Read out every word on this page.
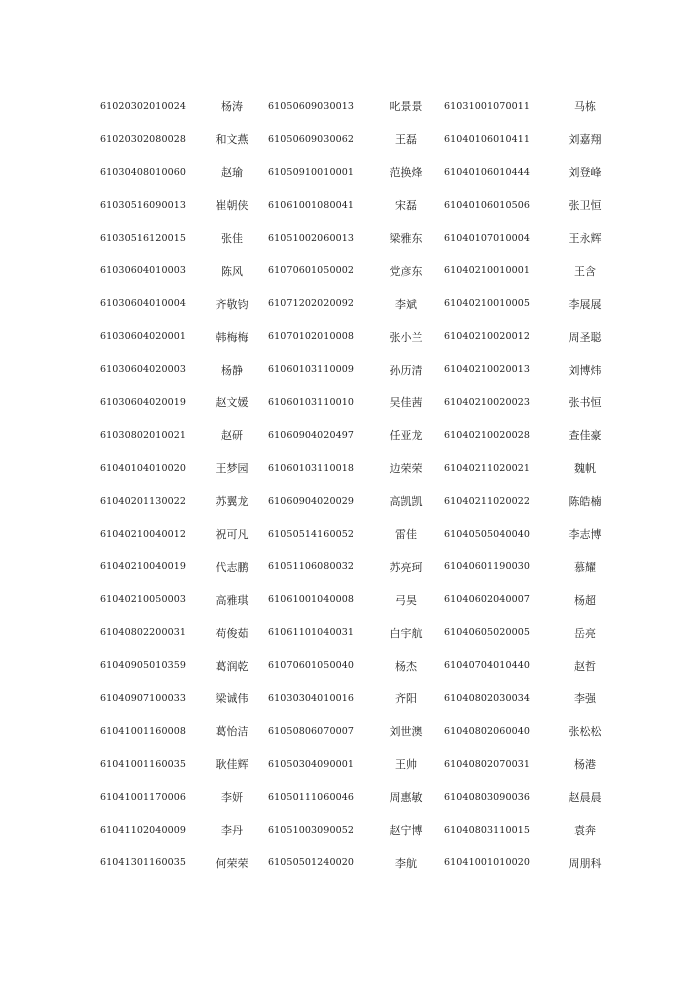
61020302010024	杨涛	61050609030013	叱景景	61031001070011	马栋
61020302080028	和文燕	61050609030062	王磊	61040106010411	刘嘉翔
61030408010060	赵瑜	61050910010001	范换烽	61040106010444	刘登峰
61030516090013	崔朝侠	61061001080041	宋磊	61040106010506	张卫恒
61030516120015	张佳	61051002060013	梁雅东	61040107010004	王永辉
61030604010003	陈风	61070601050002	党彦东	61040210010001	王含
61030604010004	齐敬钧	61071202020092	李斌	61040210010005	李展展
61030604020001	韩梅梅	61070102010008	张小兰	61040210020012	周圣聪
61030604020003	杨静	61060103110009	孙历清	61040210020013	刘博炜
61030604020019	赵文媛	61060103110010	吴佳茜	61040210020023	张书恒
61030802010021	赵研	61060904020497	任亚龙	61040210020028	查佳豪
61040104010020	王梦园	61060103110018	边荣荣	61040211020021	魏帆
61040201130022	苏翼龙	61060904020029	高凯凯	61040211020022	陈皓楠
61040210040012	祝可凡	61050514160052	雷佳	61040505040040	李志博
61040210040019	代志鹏	61051106080032	苏亮珂	61040601190030	慕耀
61040210050003	高雅琪	61061001040008	弓昊	61040602040007	杨超
61040802200031	苟俊茹	61061101040031	白宇航	61040605020005	岳亮
61040905010359	葛润乾	61070601050040	杨杰	61040704010440	赵哲
61040907100033	梁诚伟	61030304010016	齐阳	61040802030034	李强
61041001160008	葛怡洁	61050806070007	刘世澳	61040802060040	张松松
61041001160035	耿佳辉	61050304090001	王帅	61040802070031	杨港
61041001170006	李妍	61050111060046	周惠敏	61040803090036	赵晨晨
61041102040009	李丹	61051003090052	赵宁博	61040803110015	袁奔
61041301160035	何荣荣	61050501240020	李航	61041001010020	周朋科
